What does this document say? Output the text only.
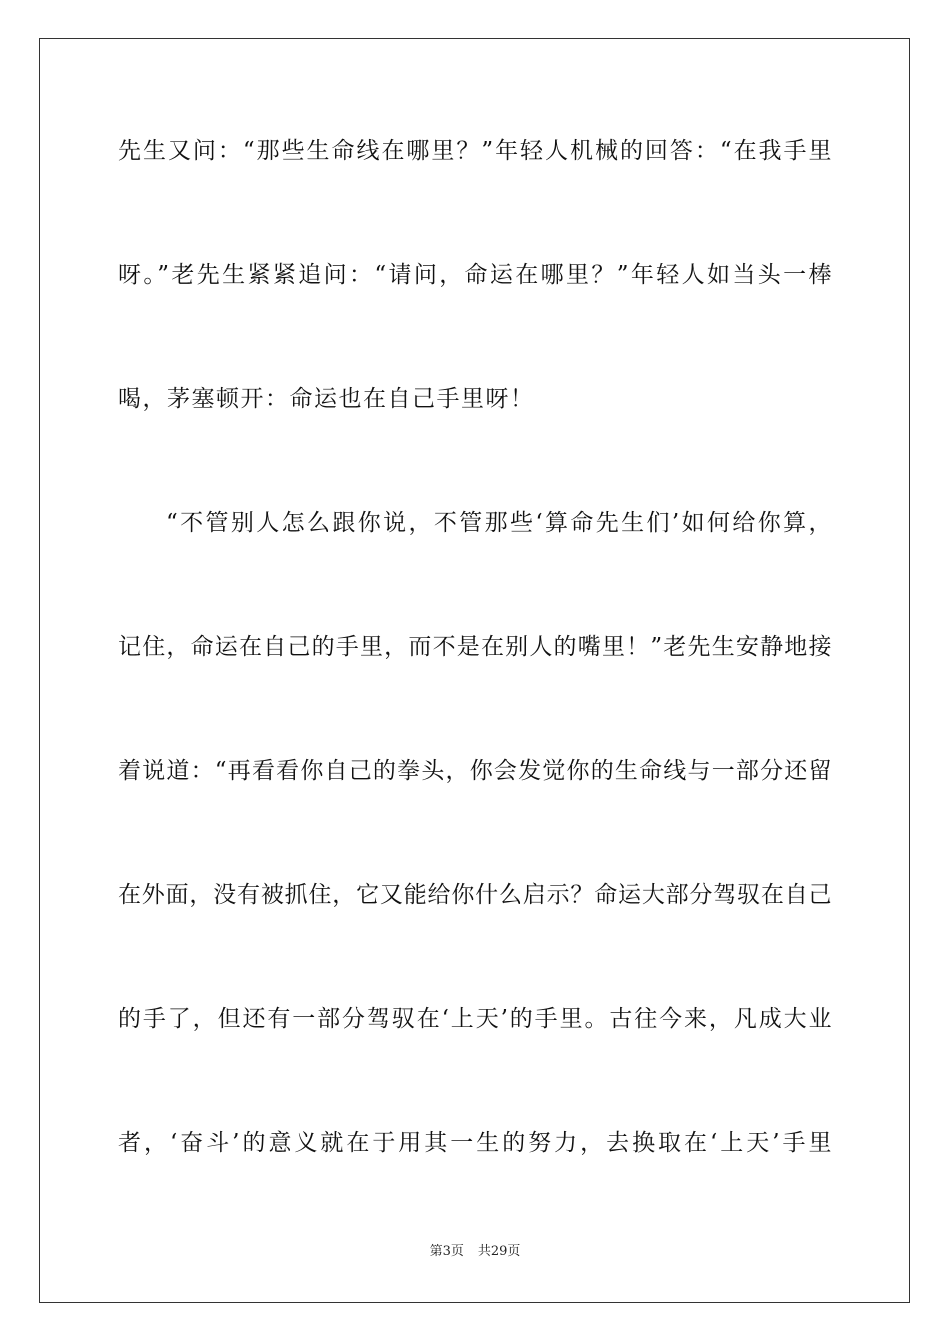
先生又问：“那些生命线在哪里？”年轻人机械的回答：“在我手里
呀。”老先生紧紧追问：“请问，命运在哪里？”年轻人如当头一棒
喝，茅塞顿开：命运也在自己手里呀！
“不管别人怎么跟你说，不管那些‘算命先生们’如何给你算，
记住，命运在自己的手里，而不是在别人的嘴里！”老先生安静地接
着说道：“再看看你自己的拳头，你会发觉你的生命线与一部分还留
在外面，没有被抓住，它又能给你什么启示？命运大部分驾驭在自己
的手了，但还有一部分驾驭在‘上天’的手里。古往今来，凡成大业
者，‘奋斗’的意义就在于用其一生的努力，去换取在‘上天’手里
第3页 共29页
